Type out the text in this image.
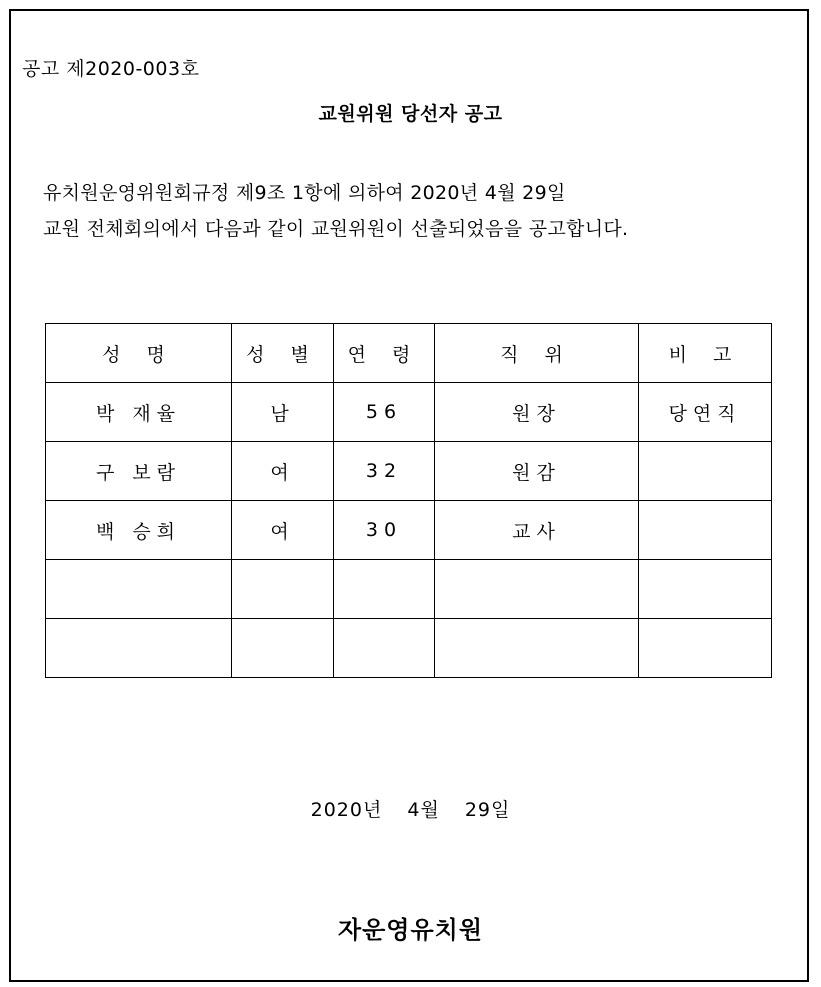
공고 제2020-003호
교원위원 당선자 공고
유치원운영위원회규정 제9조 1항에 의하여 2020년 4월 29일
교원 전체회의에서 다음과 같이 교원위원이 선출되었음을 공고합니다.
성 명	성 별	연 령	직 위	비 고
박 재율	남	56	원장	당연직
구 보람	여	32	원감	
백 승희	여	30	교사	

2020년 4월 29일
자운영유치원
